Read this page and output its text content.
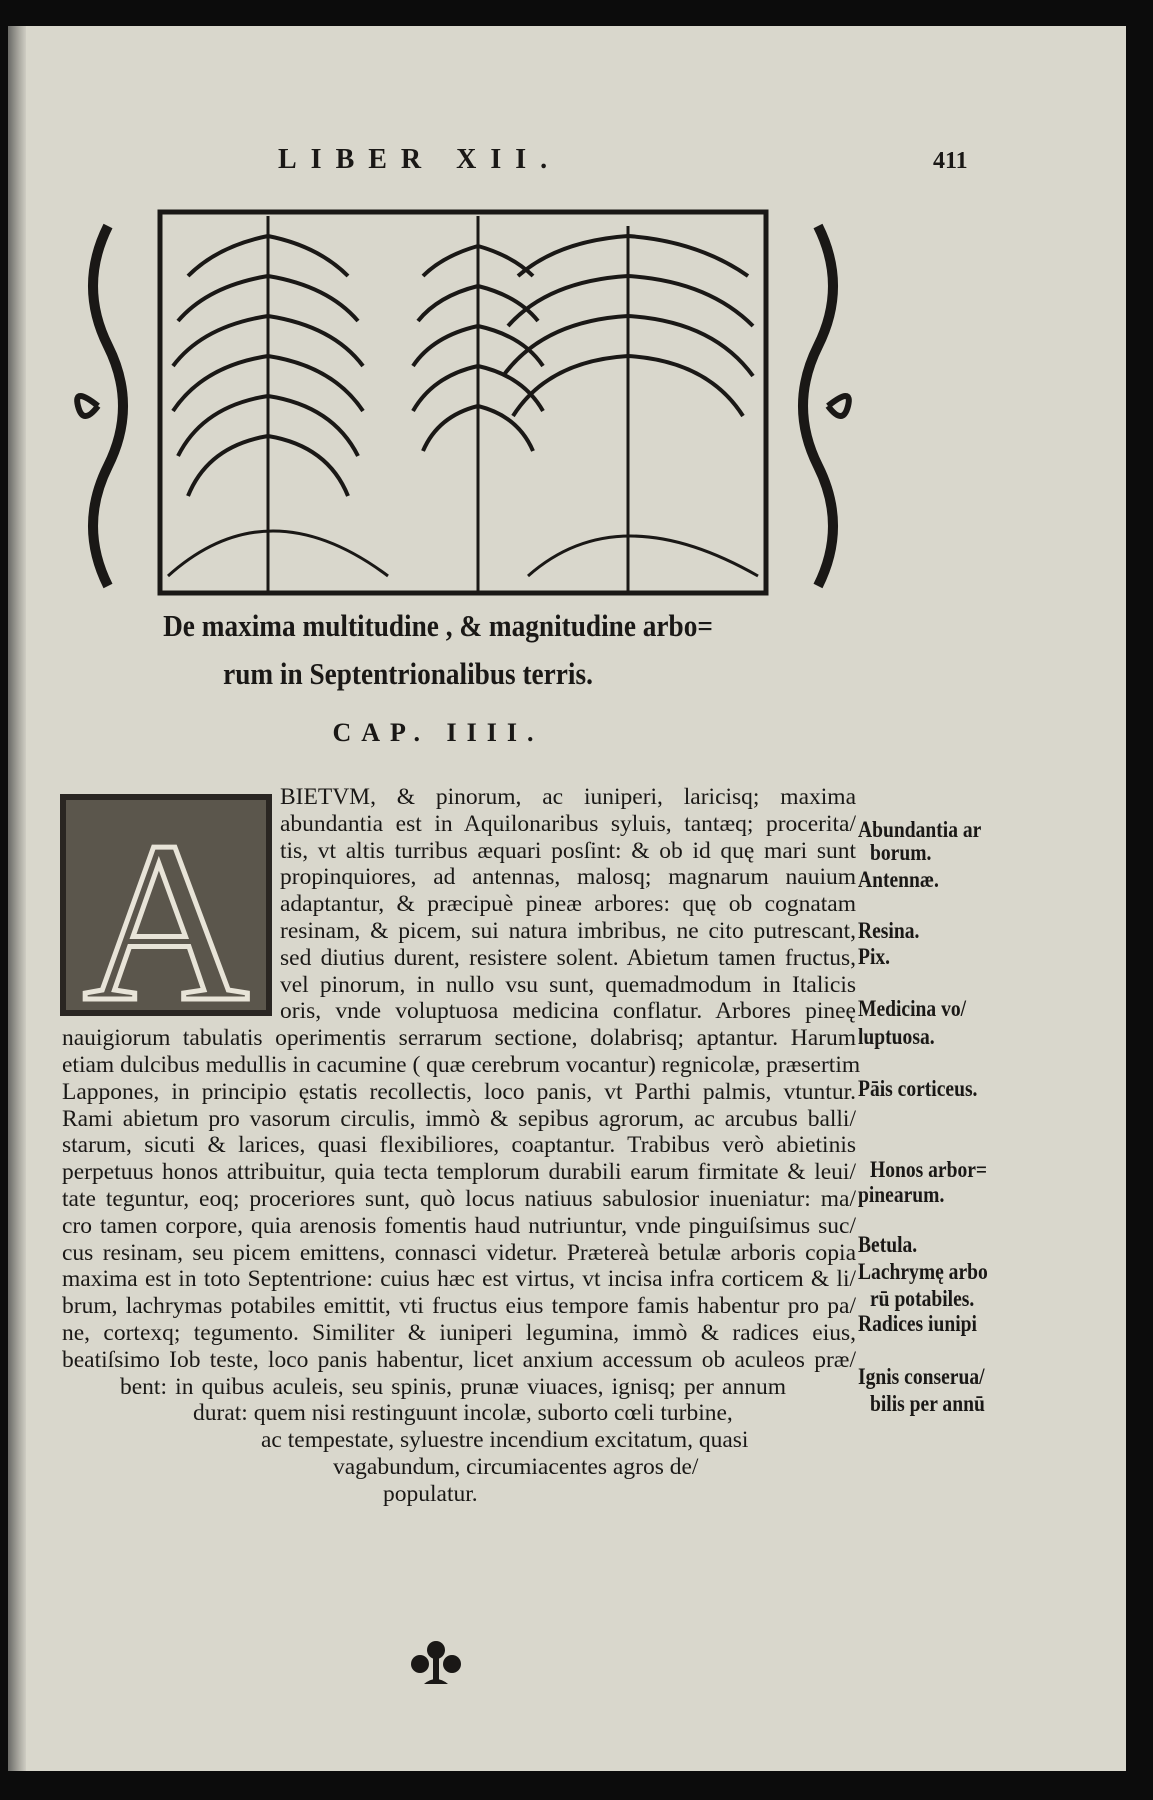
LIBER XII.	411
De maxima multitudine , & magnitudine arbo=
rum in Septentrionalibus terris.
CAP. IIII.
A BIETVM, & pinorum, ac iuniperi, laricisq; maxima
abundantia est in Aquilonaribus syluis, tantæq; procerita/
tis, vt altis turribus æquari posſint: & ob id quę mari sunt
propinquiores, ad antennas, malosq; magnarum nauium
adaptantur, & præcipuè pineæ arbores: quę ob cognatam
resinam, & picem, sui natura imbribus, ne cito putrescant,
sed diutius durent, resistere solent. Abietum tamen fructus,
vel pinorum, in nullo vsu sunt, quemadmodum in Italicis
oris, vnde voluptuosa medicina conflatur. Arbores pineę
nauigiorum tabulatis operimentis serrarum sectione, dolabrisq; aptantur. Harum
etiam dulcibus medullis in cacumine ( quæ cerebrum vocantur) regnicolæ, præsertim
Lappones, in principio ęstatis recollectis, loco panis, vt Parthi palmis, vtuntur.
Rami abietum pro vasorum circulis, immò & sepibus agrorum, ac arcubus balli/
starum, sicuti & larices, quasi flexibiliores, coaptantur. Trabibus verò abietinis
perpetuus honos attribuitur, quia tecta templorum durabili earum firmitate & leui/
tate teguntur, eoq; proceriores sunt, quò locus natiuus sabulosior inueniatur: ma/
cro tamen corpore, quia arenosis fomentis haud nutriuntur, vnde pinguiſsimus suc/
cus resinam, seu picem emittens, connasci videtur. Prætereà betulæ arboris copia
maxima est in toto Septentrione: cuius hæc est virtus, vt incisa infra corticem & li/
brum, lachrymas potabiles emittit, vti fructus eius tempore famis habentur pro pa/
ne, cortexq; tegumento. Similiter & iuniperi legumina, immò & radices eius,
beatiſsimo Iob teste, loco panis habentur, licet anxium accessum ob aculeos præ/
bent: in quibus aculeis, seu spinis, prunæ viuaces, ignisq; per annum
durat: quem nisi restinguunt incolæ, suborto cœli turbine,
ac tempestate, syluestre incendium excitatum, quasi
vagabundum, circumiacentes agros de/
populatur.
Abundantia ar
borum.
Antennæ.
Resina.
Pix.
Medicina vo/
luptuosa.
Pāis corticeus.
Honos arbor=
pinearum.
Betula.
Lachrymę arbo
rū potabiles.
Radices iunipi
Ignis conserua/
bilis per annū
